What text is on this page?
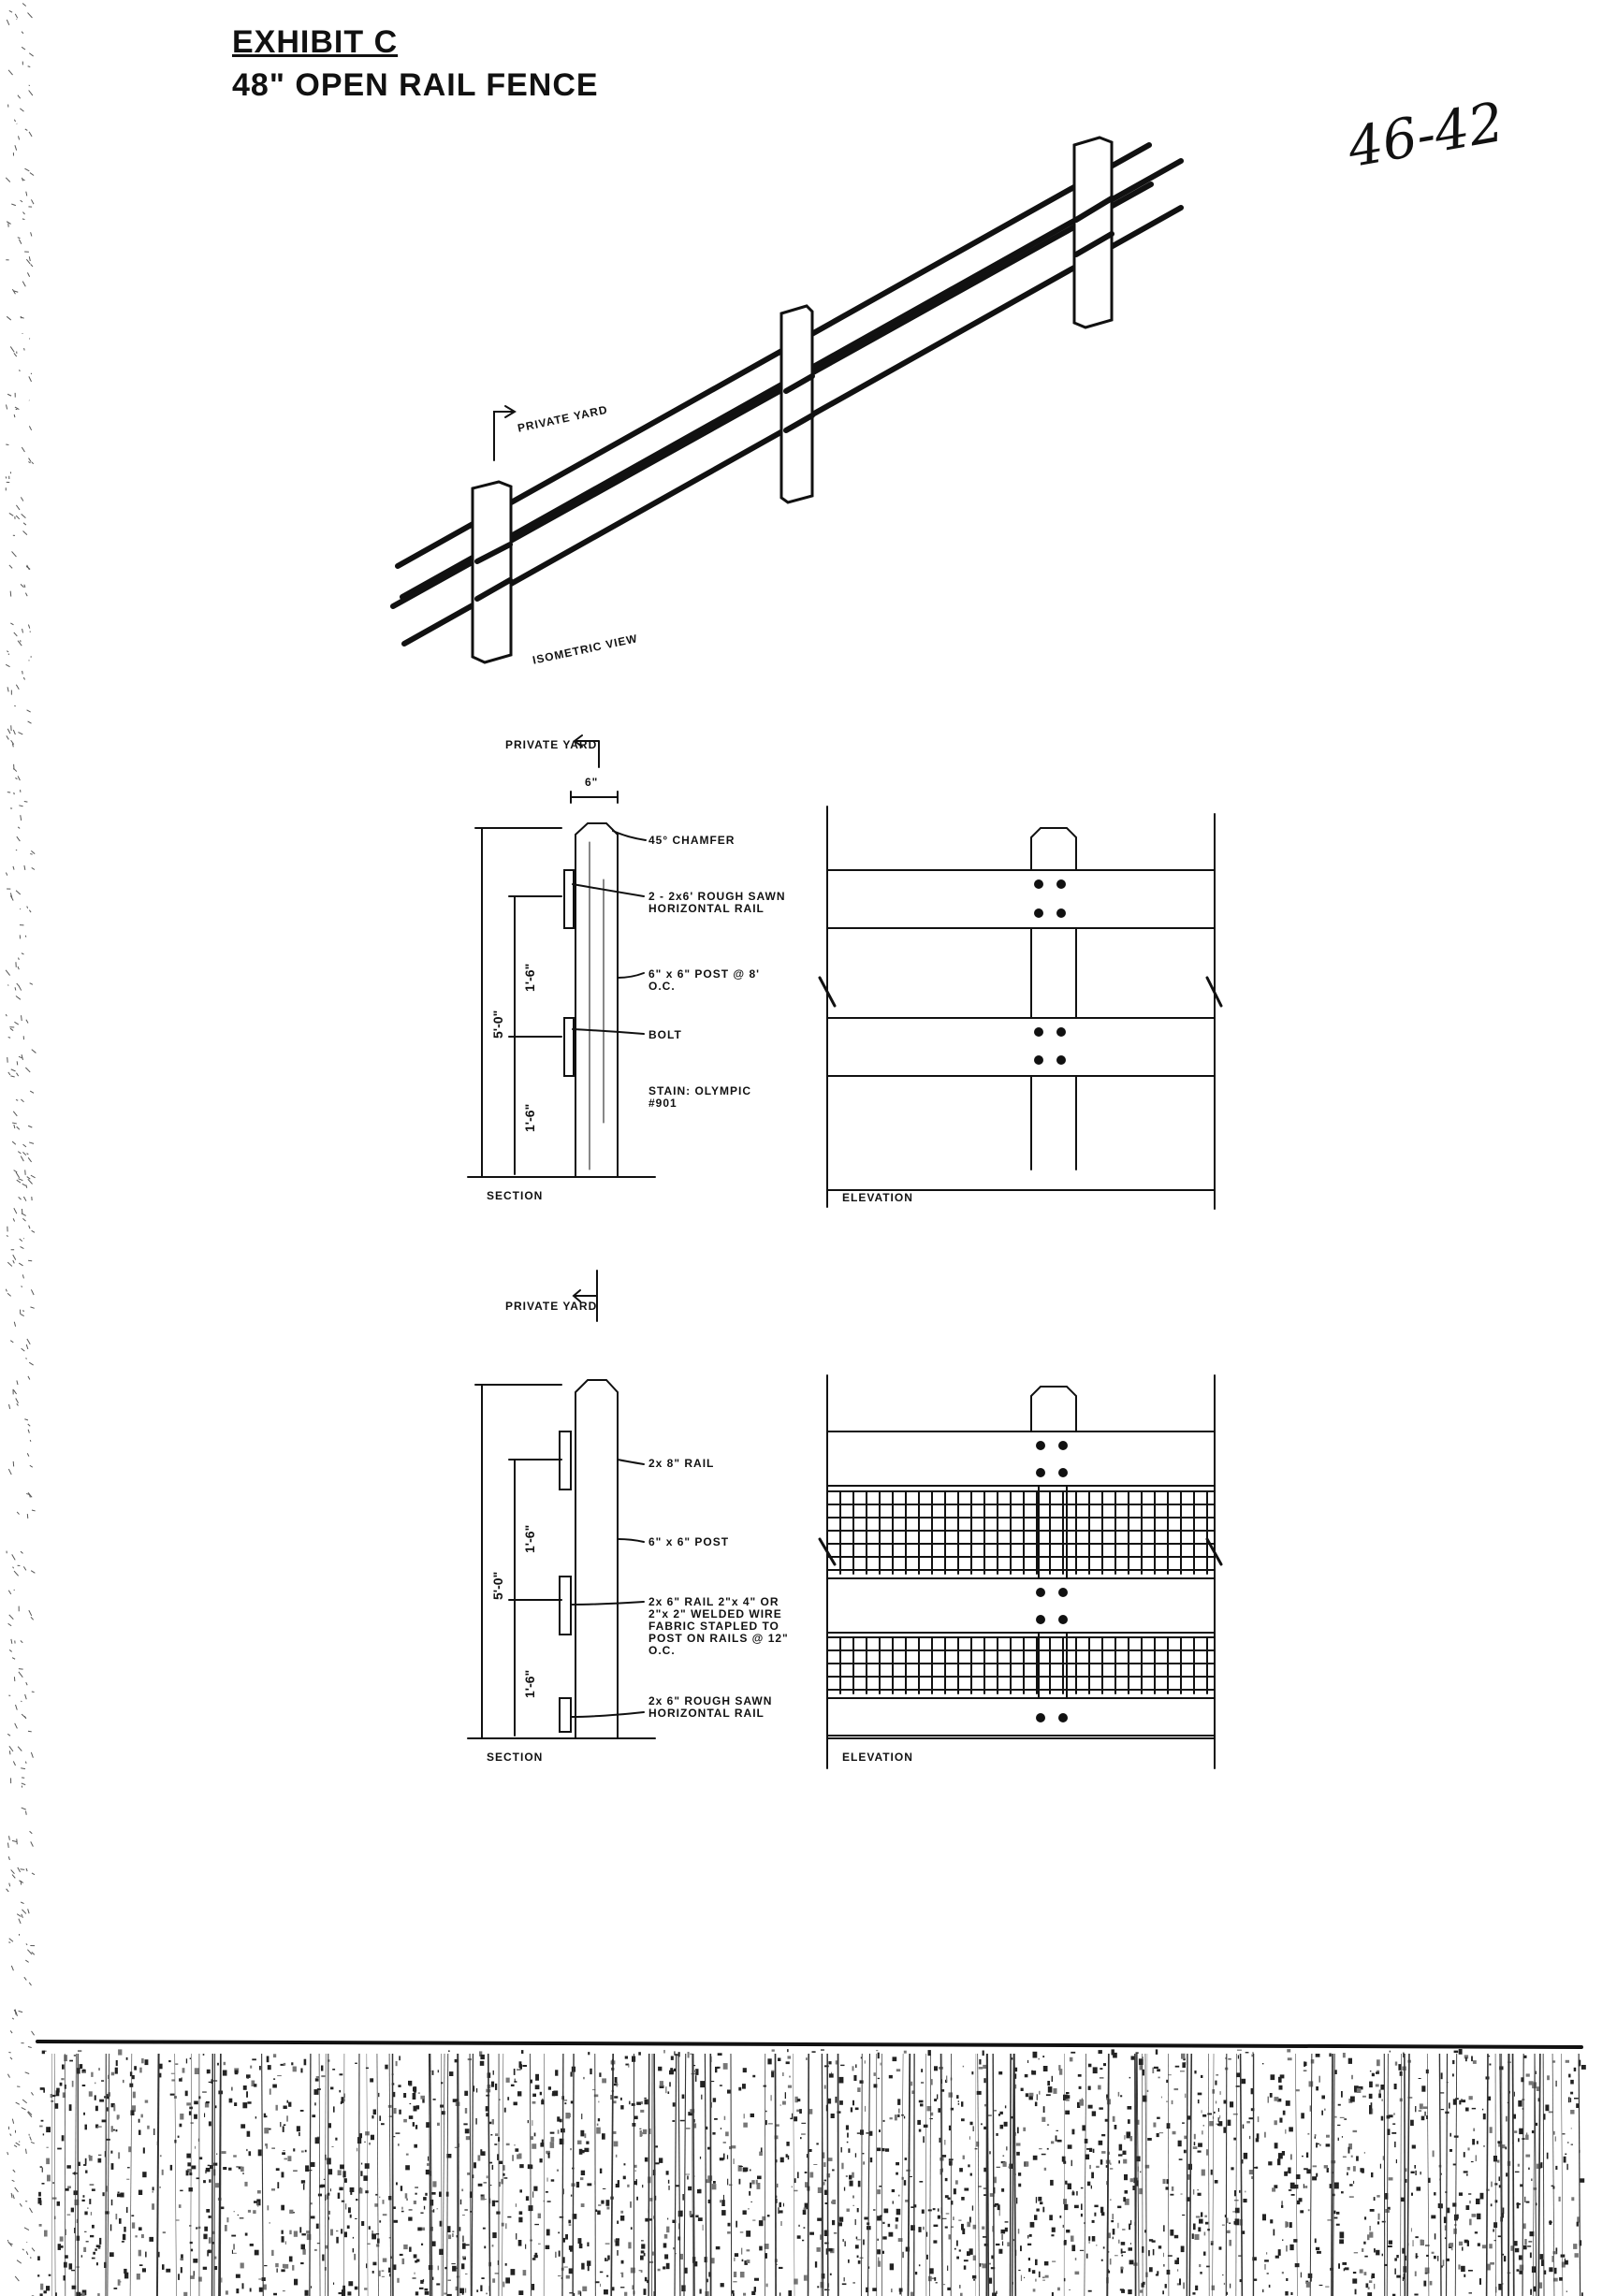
EXHIBIT C
48" OPEN RAIL FENCE
46-42
PRIVATE YARD
ISOMETRIC VIEW
PRIVATE YARD
6"
45° CHAMFER
2 - 2x6' ROUGH SAWN HORIZONTAL RAIL
6" x 6" POST @ 8' O.C.
BOLT
STAIN: OLYMPIC #901
5'-0"
1'-6"
1'-6"
SECTION	ELEVATION
PRIVATE YARD
2x 8" RAIL
6" x 6" POST
2x 6" RAIL 2"x 4" OR 2"x 2" WELDED WIRE FABRIC STAPLED TO POST ON RAILS @ 12" O.C.
2x 6" ROUGH SAWN HORIZONTAL RAIL
5'-0"
1'-6"
1'-6"
SECTION	ELEVATION
